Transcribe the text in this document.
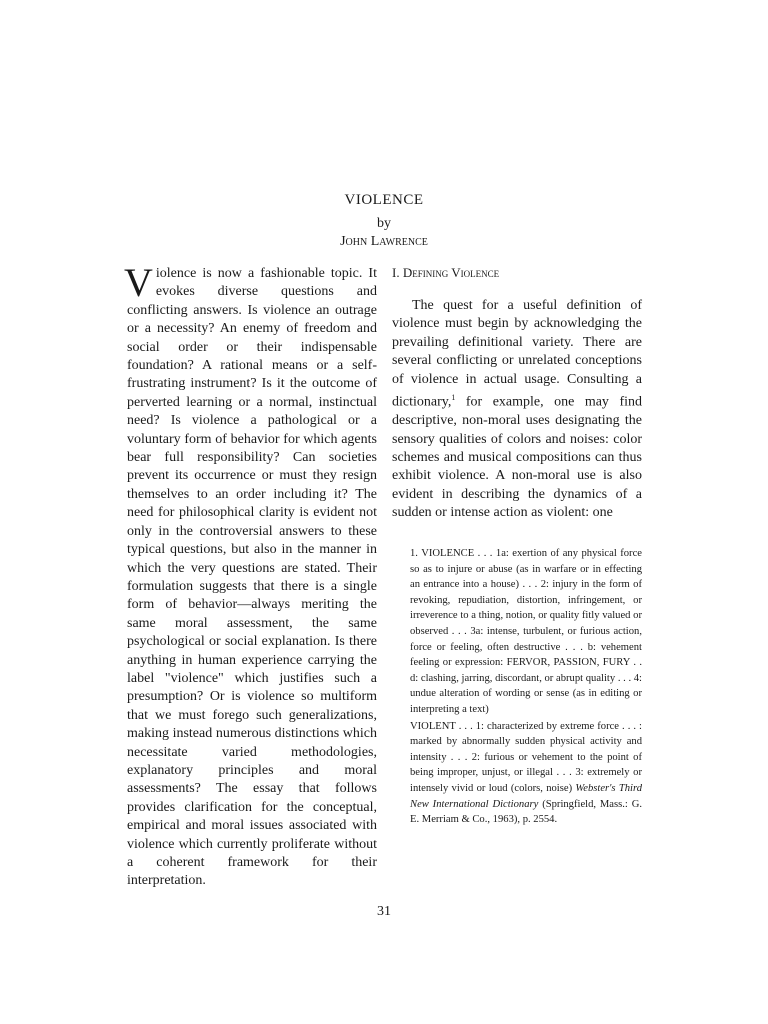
VIOLENCE
by
John Lawrence

Violence is now a fashionable topic. It evokes diverse questions and conflicting answers. Is violence an outrage or a necessity? An enemy of freedom and social order or their indispensable foundation? A rational means or a self-frustrating instrument? Is it the outcome of perverted learning or a normal, instinctual need? Is violence a pathological or a voluntary form of behavior for which agents bear full responsibility? Can societies prevent its occurrence or must they resign themselves to an order including it? The need for philosophical clarity is evident not only in the controversial answers to these typical questions, but also in the manner in which the very questions are stated. Their formulation suggests that there is a single form of behavior—always meriting the same moral assessment, the same psychological or social explanation. Is there anything in human experience carrying the label "violence" which justifies such a presumption? Or is violence so multiform that we must forego such generalizations, making instead numerous distinctions which necessitate varied methodologies, explanatory principles and moral assessments? The essay that follows provides clarification for the conceptual, empirical and moral issues associated with violence which currently proliferate without a coherent framework for their interpretation.

I. Defining Violence

The quest for a useful definition of violence must begin by acknowledging the prevailing definitional variety. There are several conflicting or unrelated conceptions of violence in actual usage. Consulting a dictionary,$^1$ for example, one may find descriptive, non-moral uses designating the sensory qualities of colors and noises: color schemes and musical compositions can thus exhibit violence. A non-moral use is also evident in describing the dynamics of a sudden or intense action as violent: one

1. VIOLENCE . . . 1a: exertion of any physical force so as to injure or abuse (as in warfare or in effecting an entrance into a house) . . . 2: injury in the form of revoking, repudiation, distortion, infringement, or irreverence to a thing, notion, or quality fitly valued or observed . . . 3a: intense, turbulent, or furious action, force or feeling, often destructive . . . b: vehement feeling or expression: FERVOR, PASSION, FURY . . d: clashing, jarring, discordant, or abrupt quality . . . 4: undue alteration of wording or sense (as in editing or interpreting a text)

VIOLENT . . . 1: characterized by extreme force . . . : marked by abnormally sudden physical activity and intensity . . . 2: furious or vehement to the point of being improper, unjust, or illegal . . . 3: extremely or intensely vivid or loud (colors, noise) Webster's Third New International Dictionary (Springfield, Mass.: G. E. Merriam & Co., 1963), p. 2554.

31
